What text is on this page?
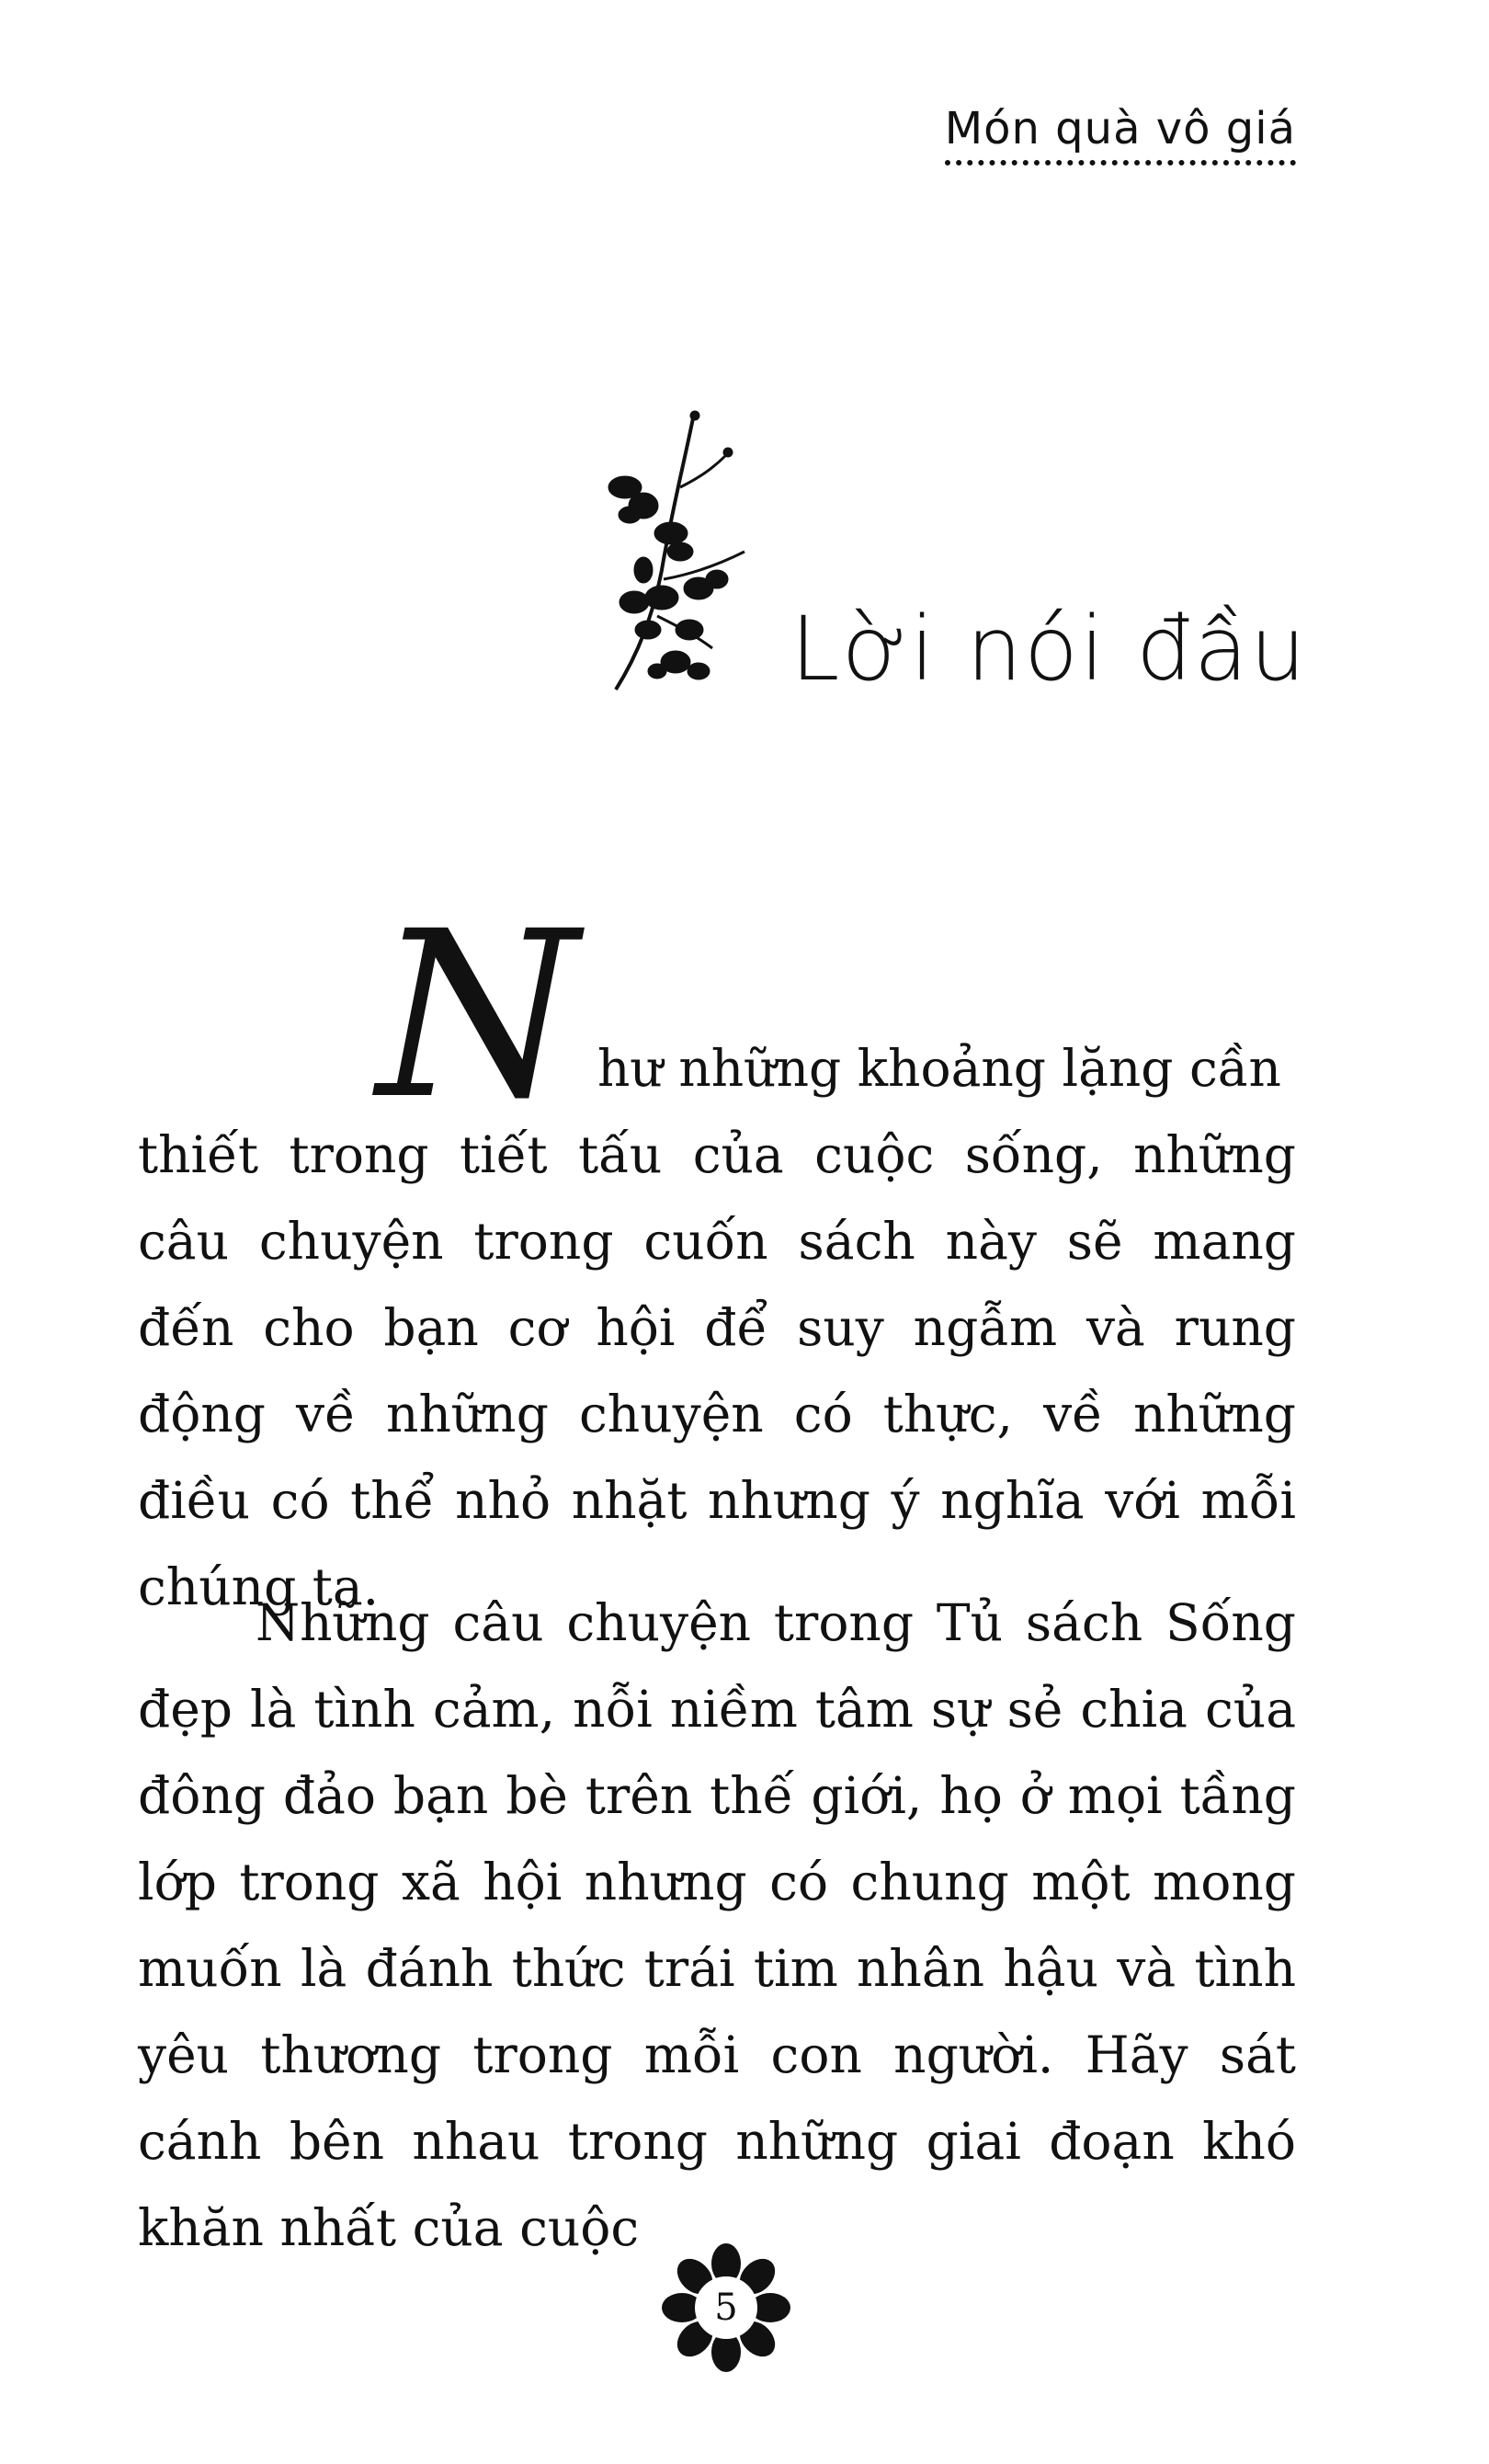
Món quà vô giá
Lời nói đầu
N hư những khoảng lặng cần
thiết trong tiết tấu của cuộc sống, những câu chuyện trong cuốn sách này sẽ mang đến cho bạn cơ hội để suy ngẫm và rung động về những chuyện có thực, về những điều có thể nhỏ nhặt nhưng ý nghĩa với mỗi chúng ta.
Những câu chuyện trong Tủ sách Sống đẹp là tình cảm, nỗi niềm tâm sự sẻ chia của đông đảo bạn bè trên thế giới, họ ở mọi tầng lớp trong xã hội nhưng có chung một mong muốn là đánh thức trái tim nhân hậu và tình yêu thương trong mỗi con người. Hãy sát cánh bên nhau trong những giai đoạn khó khăn nhất của cuộc
5
